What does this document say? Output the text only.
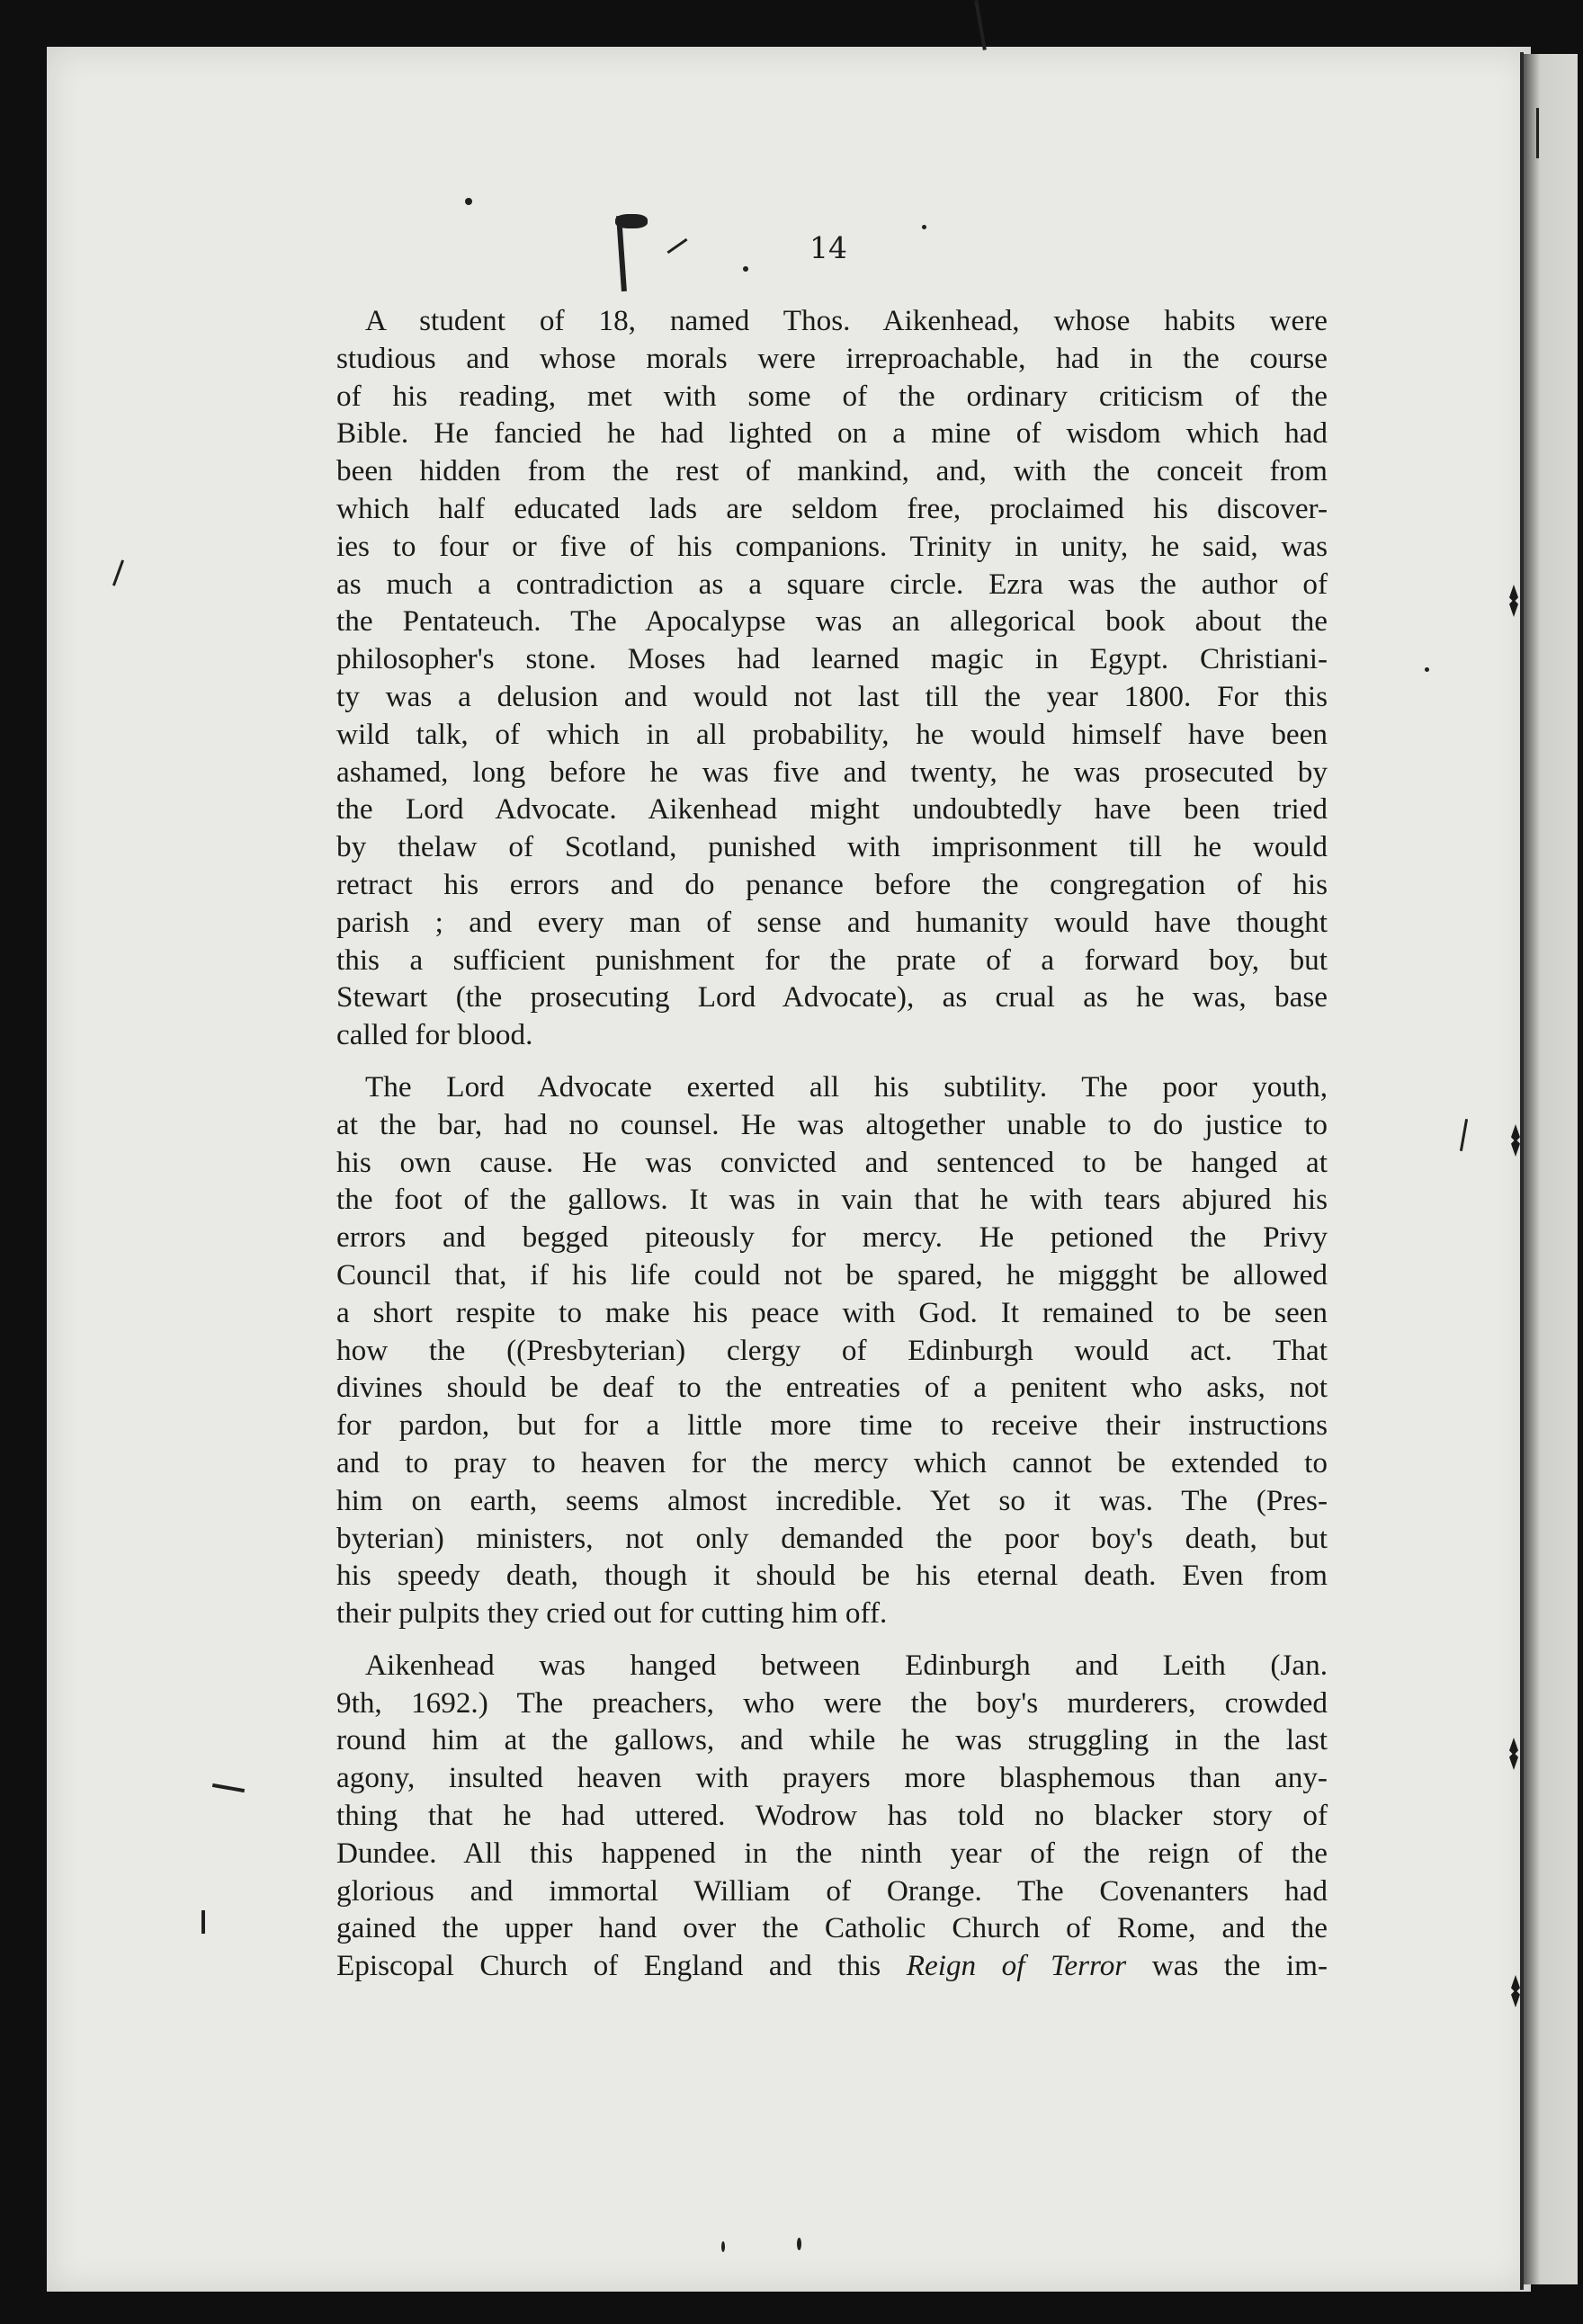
14

A student of 18, named Thos. Aikenhead, whose habits were
studious and whose morals were irreproachable, had in the course
of his reading, met with some of the ordinary criticism of the
Bible. He fancied he had lighted on a mine of wisdom which had
been hidden from the rest of mankind, and, with the conceit from
which half educated lads are seldom free, proclaimed his discover-
ies to four or five of his companions. Trinity in unity, he said, was
as much a contradiction as a square circle. Ezra was the author of
the Pentateuch. The Apocalypse was an allegorical book about the
philosopher's stone. Moses had learned magic in Egypt. Christiani-
ty was a delusion and would not last till the year 1800. For this
wild talk, of which in all probability, he would himself have been
ashamed, long before he was five and twenty, he was prosecuted by
the Lord Advocate. Aikenhead might undoubtedly have been tried
by thelaw of Scotland, punished with imprisonment till he would
retract his errors and do penance before the congregation of his
parish ; and every man of sense and humanity would have thought
this a sufficient punishment for the prate of a forward boy, but
Stewart (the prosecuting Lord Advocate), as crual as he was, base
called for blood.

The Lord Advocate exerted all his subtility. The poor youth,
at the bar, had no counsel. He was altogether unable to do justice to
his own cause. He was convicted and sentenced to be hanged at
the foot of the gallows. It was in vain that he with tears abjured his
errors and begged piteously for mercy. He petioned the Privy
Council that, if his life could not be spared, he miggght be allowed
a short respite to make his peace with God. It remained to be seen
how the ((Presbyterian) clergy of Edinburgh would act. That
divines should be deaf to the entreaties of a penitent who asks, not
for pardon, but for a little more time to receive their instructions
and to pray to heaven for the mercy which cannot be extended to
him on earth, seems almost incredible. Yet so it was. The (Pres-
byterian) ministers, not only demanded the poor boy's death, but
his speedy death, though it should be his eternal death. Even from
their pulpits they cried out for cutting him off.

Aikenhead was hanged between Edinburgh and Leith (Jan.
9th, 1692.) The preachers, who were the boy's murderers, crowded
round him at the gallows, and while he was struggling in the last
agony, insulted heaven with prayers more blasphemous than any-
thing that he had uttered. Wodrow has told no blacker story of
Dundee. All this happened in the ninth year of the reign of the
glorious and immortal William of Orange. The Covenanters had
gained the upper hand over the Catholic Church of Rome, and the
Episcopal Church of England and this Reign of Terror was the im-
